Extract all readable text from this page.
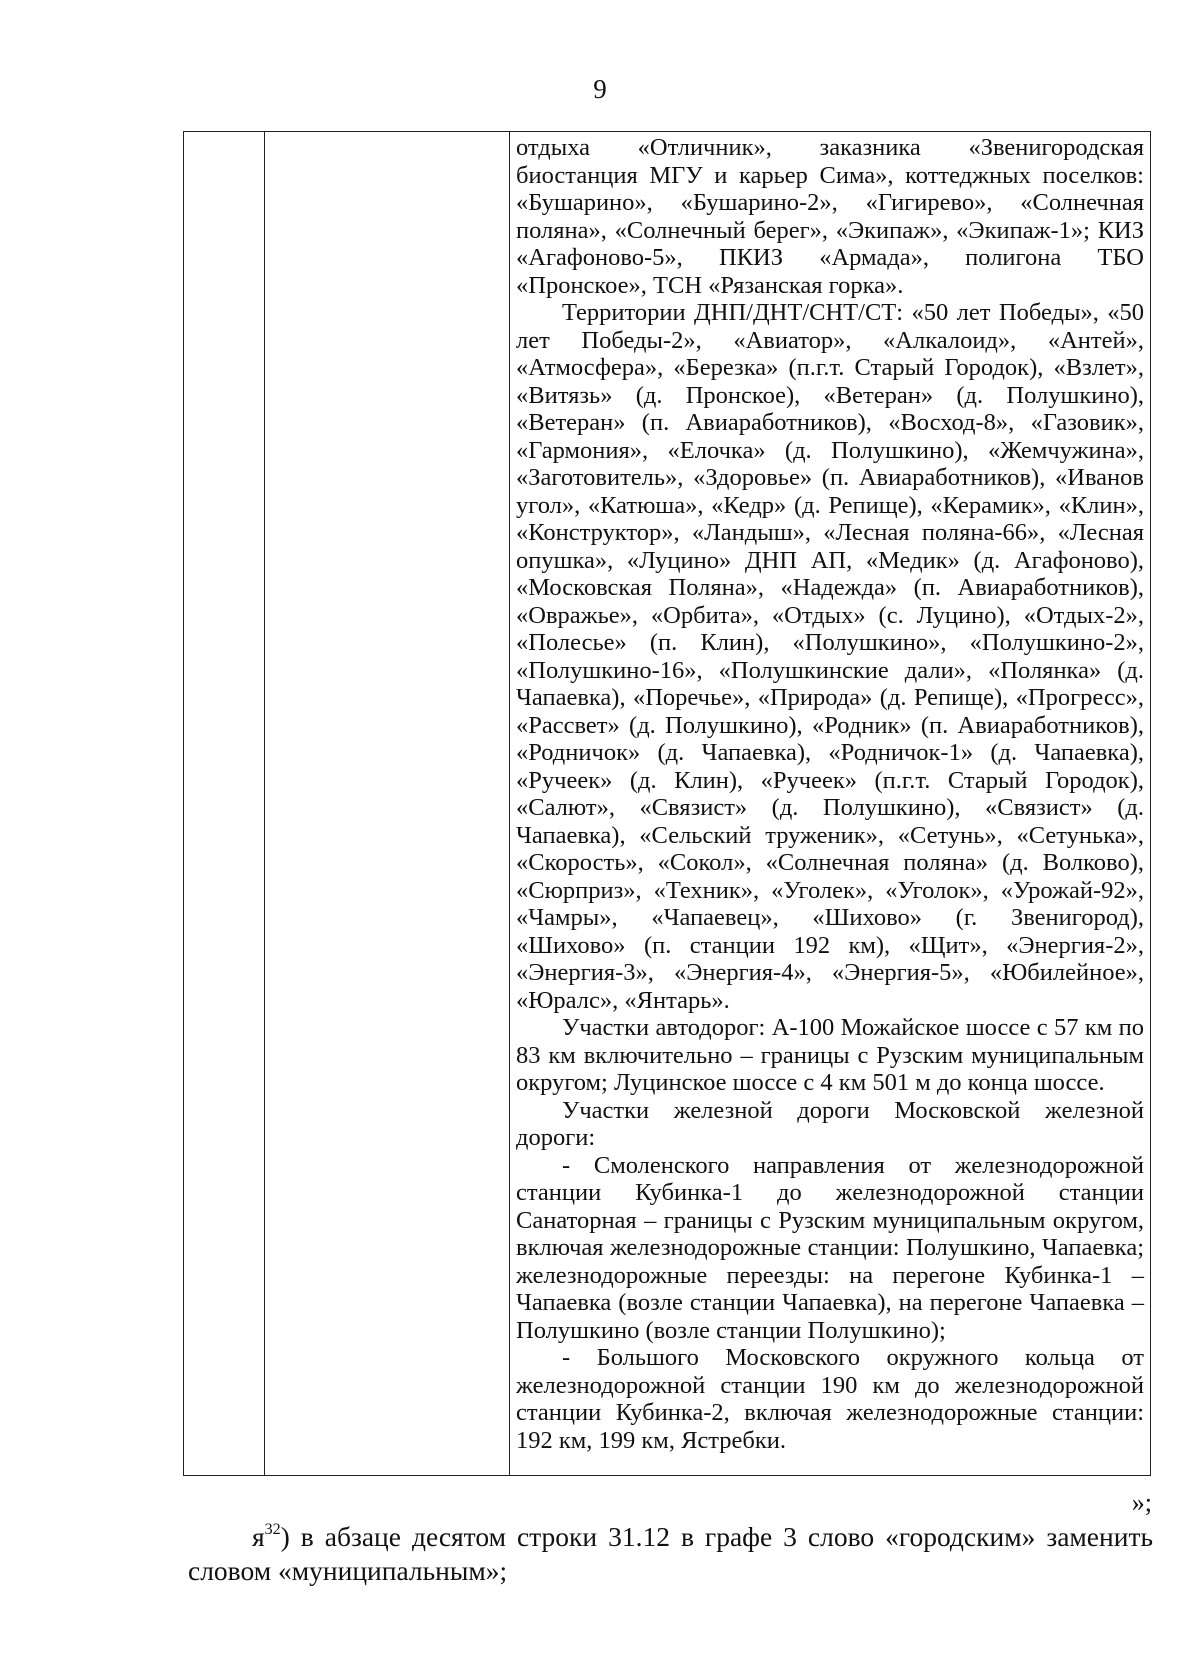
9

отдыха «Отличник», заказника «Звенигородская биостанция МГУ и карьер Сима», коттеджных поселков: «Бушарино», «Бушарино-2», «Гигирево», «Солнечная поляна», «Солнечный берег», «Экипаж», «Экипаж-1»; КИЗ «Агафоново-5», ПКИЗ «Армада», полигона ТБО «Пронское», ТСН «Рязанская горка».

Территории ДНП/ДНТ/СНТ/СТ: «50 лет Победы», «50 лет Победы-2», «Авиатор», «Алкалоид», «Антей», «Атмосфера», «Березка» (п.г.т. Старый Городок), «Взлет», «Витязь» (д. Пронское), «Ветеран» (д. Полушкино), «Ветеран» (п. Авиаработников), «Восход-8», «Газовик», «Гармония», «Елочка» (д. Полушкино), «Жемчужина», «Заготовитель», «Здоровье» (п. Авиаработников), «Иванов угол», «Катюша», «Кедр» (д. Репище), «Керамик», «Клин», «Конструктор», «Ландыш», «Лесная поляна-66», «Лесная опушка», «Луцино» ДНП АП, «Медик» (д. Агафоново), «Московская Поляна», «Надежда» (п. Авиаработников), «Овражье», «Орбита», «Отдых» (с. Луцино), «Отдых-2», «Полесье» (п. Клин), «Полушкино», «Полушкино-2», «Полушкино-16», «Полушкинские дали», «Полянка» (д. Чапаевка), «Поречье», «Природа» (д. Репище), «Прогресс», «Рассвет» (д. Полушкино), «Родник» (п. Авиаработников), «Родничок» (д. Чапаевка), «Родничок-1» (д. Чапаевка), «Ручеек» (д. Клин), «Ручеек» (п.г.т. Старый Городок), «Салют», «Связист» (д. Полушкино), «Связист» (д. Чапаевка), «Сельский труженик», «Сетунь», «Сетунька», «Скорость», «Сокол», «Солнечная поляна» (д. Волково), «Сюрприз», «Техник», «Уголек», «Уголок», «Урожай-92», «Чамры», «Чапаевец», «Шихово» (г. Звенигород), «Шихово» (п. станции 192 км), «Щит», «Энергия-2», «Энергия-3», «Энергия-4», «Энергия-5», «Юбилейное», «Юралс», «Янтарь».

Участки автодорог: А-100 Можайское шоссе с 57 км по 83 км включительно – границы с Рузским муниципальным округом; Луцинское шоссе с 4 км 501 м до конца шоссе.

Участки железной дороги Московской железной дороги:

- Смоленского направления от железнодорожной станции Кубинка-1 до железнодорожной станции Санаторная – границы с Рузским муниципальным округом, включая железнодорожные станции: Полушкино, Чапаевка; железнодорожные переезды: на перегоне Кубинка-1 – Чапаевка (возле станции Чапаевка), на перегоне Чапаевка – Полушкино (возле станции Полушкино);

- Большого Московского окружного кольца от железнодорожной станции 190 км до железнодорожной станции Кубинка-2, включая железнодорожные станции: 192 км, 199 км, Ястребки.

»;

$я^{32}$) в абзаце десятом строки 31.12 в графе 3 слово «городским» заменить

словом «муниципальным»;
